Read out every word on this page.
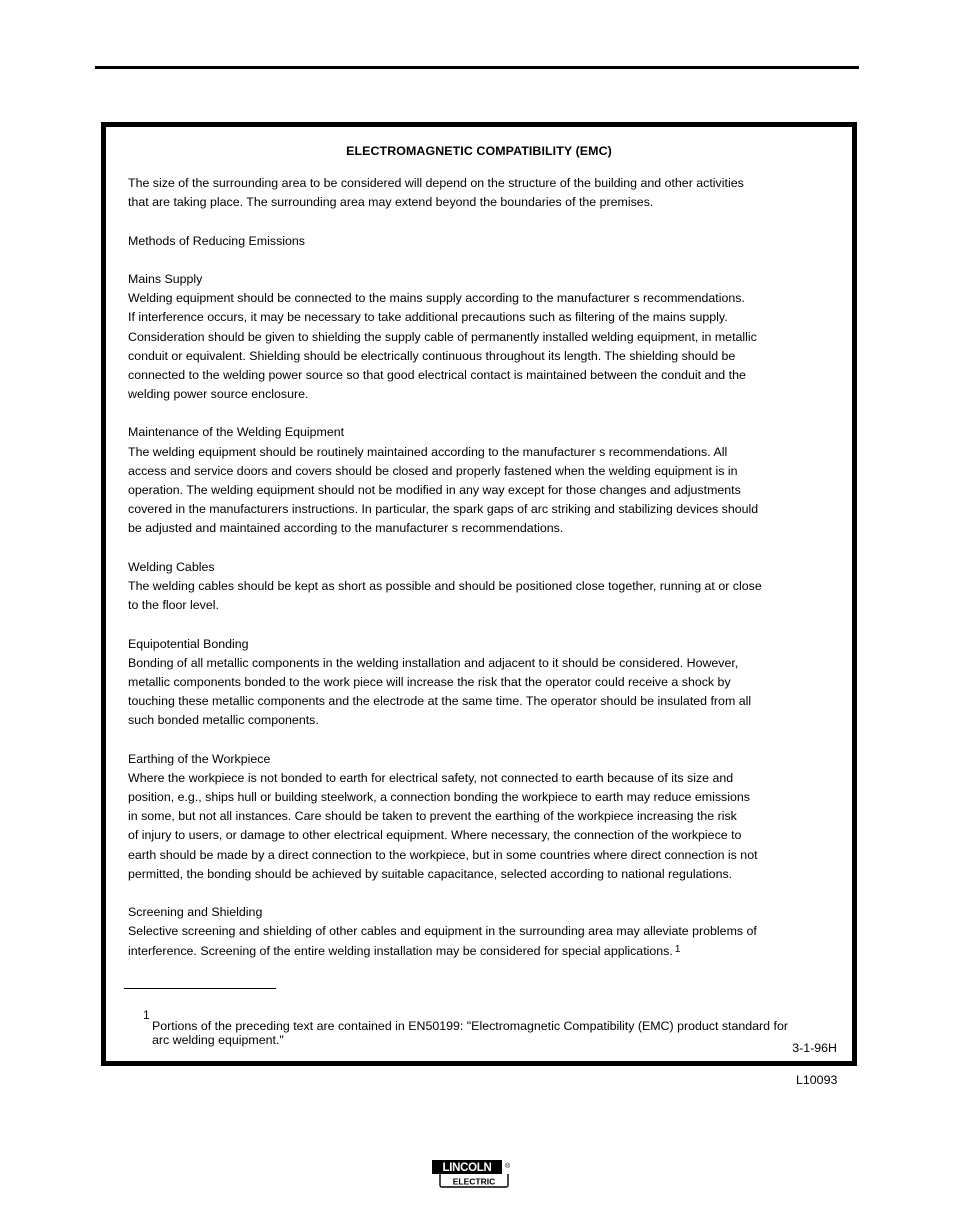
ELECTROMAGNETIC COMPATIBILITY (EMC)
The size of the surrounding area to be considered will depend on the structure of the building and other activities
that are taking place. The surrounding area may extend beyond the boundaries of the premises.
Methods of Reducing Emissions
Mains Supply
Welding equipment should be connected to the mains supply according to the manufacturer s recommendations.
If interference occurs, it may be necessary to take additional precautions such as filtering of the mains supply.
Consideration should be given to shielding the supply cable of permanently installed welding equipment, in metallic
conduit or equivalent. Shielding should be electrically continuous throughout its length. The shielding should be
connected to the welding power source so that good electrical contact is maintained between the conduit and the
welding power source enclosure.
Maintenance of the Welding Equipment
The welding equipment should be routinely maintained according to the manufacturer s recommendations. All
access and service doors and covers should be closed and properly fastened when the welding equipment is in
operation. The welding equipment should not be modified in any way except for those changes and adjustments
covered in the manufacturers instructions. In particular, the spark gaps of arc striking and stabilizing devices should
be adjusted and maintained according to the manufacturer s recommendations.
Welding Cables
The welding cables should be kept as short as possible and should be positioned close together, running at or close
to the floor level.
Equipotential Bonding
Bonding of all metallic components in the welding installation and adjacent to it should be considered. However,
metallic components bonded to the work piece will increase the risk that the operator could receive a shock by
touching these metallic components and the electrode at the same time. The operator should be insulated from all
such bonded metallic components.
Earthing of the Workpiece
Where the workpiece is not bonded to earth for electrical safety, not connected to earth because of its size and
position, e.g., ships hull or building steelwork, a connection bonding the workpiece to earth may reduce emissions
in some, but not all instances. Care should be taken to prevent the earthing of the workpiece increasing the risk
of injury to users, or damage to other electrical equipment. Where necessary, the connection of the workpiece to
earth should be made by a direct connection to the workpiece, but in some countries where direct connection is not
permitted, the bonding should be achieved by suitable capacitance, selected according to national regulations.
Screening and Shielding
Selective screening and shielding of other cables and equipment in the surrounding area may alleviate problems of
interference. Screening of the entire welding installation may be considered for special applications. $^1$
1
Portions of the preceding text are contained in EN50199: "Electromagnetic Compatibility (EMC) product standard for
arc welding equipment."
3-1-96H
L10093
LINCOLN ®
ELECTRIC
